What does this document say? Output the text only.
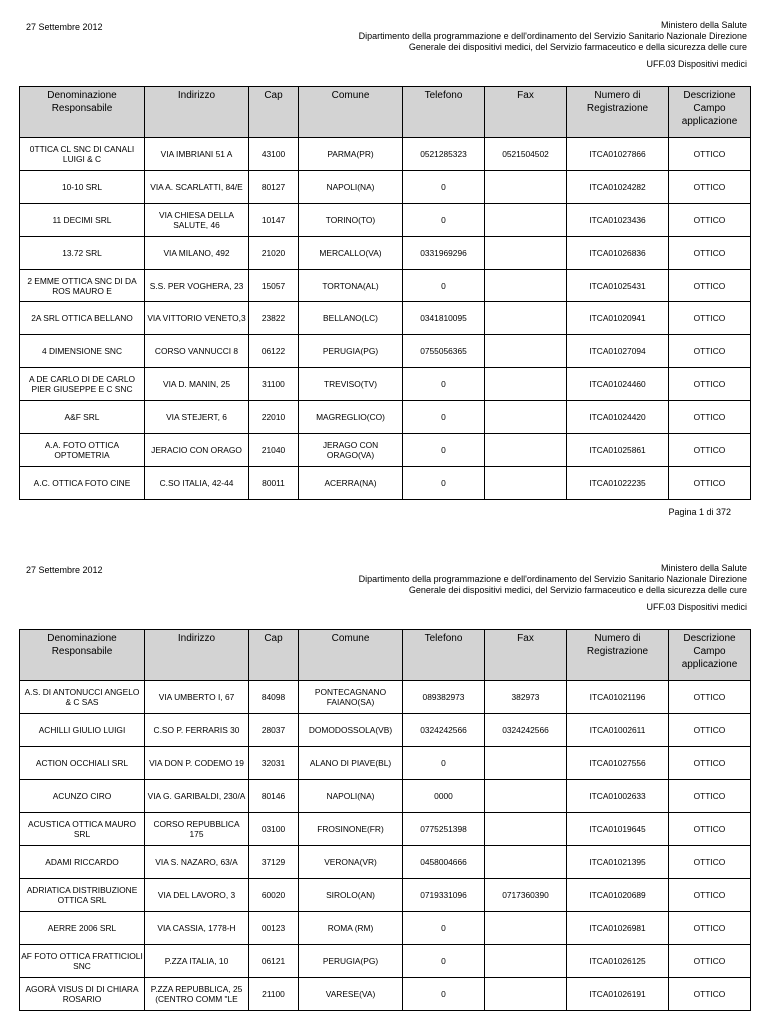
27 Settembre 2012	Ministero della Salute
Dipartimento della programmazione e dell'ordinamento del Servizio Sanitario Nazionale Direzione
Generale dei dispositivi medici, del Servizio farmaceutico e della sicurezza delle cure
UFF.03 Dispositivi medici
Denominazione Responsabile	Indirizzo	Cap	Comune	Telefono	Fax	Numero di Registrazione	Descrizione Campo applicazione
0TTICA CL SNC DI CANALI LUIGI & C	VIA IMBRIANI 51 A	43100	PARMA(PR)	0521285323	0521504502	ITCA01027866	OTTICO
10-10 SRL	VIA A. SCARLATTI, 84/E	80127	NAPOLI(NA)	0		ITCA01024282	OTTICO
11 DECIMI SRL	VIA CHIESA DELLA SALUTE, 46	10147	TORINO(TO)	0		ITCA01023436	OTTICO
13.72 SRL	VIA MILANO, 492	21020	MERCALLO(VA)	0331969296		ITCA01026836	OTTICO
2 EMME OTTICA SNC DI DA ROS MAURO E	S.S. PER VOGHERA, 23	15057	TORTONA(AL)	0		ITCA01025431	OTTICO
2A SRL OTTICA BELLANO	VIA VITTORIO VENETO,3	23822	BELLANO(LC)	0341810095		ITCA01020941	OTTICO
4 DIMENSIONE SNC	CORSO VANNUCCI 8	06122	PERUGIA(PG)	0755056365		ITCA01027094	OTTICO
A DE CARLO DI DE CARLO PIER GIUSEPPE E C SNC	VIA D. MANIN, 25	31100	TREVISO(TV)	0		ITCA01024460	OTTICO
A&F SRL	VIA STEJERT, 6	22010	MAGREGLIO(CO)	0		ITCA01024420	OTTICO
A.A. FOTO OTTICA OPTOMETRIA	JERACIO CON ORAGO	21040	JERAGO CON ORAGO(VA)	0		ITCA01025861	OTTICO
A.C. OTTICA FOTO CINE	C.SO ITALIA, 42-44	80011	ACERRA(NA)	0		ITCA01022235	OTTICO
Pagina 1 di 372
27 Settembre 2012	Ministero della Salute
Dipartimento della programmazione e dell'ordinamento del Servizio Sanitario Nazionale Direzione
Generale dei dispositivi medici, del Servizio farmaceutico e della sicurezza delle cure
UFF.03 Dispositivi medici
Denominazione Responsabile	Indirizzo	Cap	Comune	Telefono	Fax	Numero di Registrazione	Descrizione Campo applicazione
A.S. DI ANTONUCCI ANGELO & C SAS	VIA UMBERTO I, 67	84098	PONTECAGNANO FAIANO(SA)	089382973	382973	ITCA01021196	OTTICO
ACHILLI GIULIO LUIGI	C.SO P. FERRARIS 30	28037	DOMODOSSOLA(VB)	0324242566	0324242566	ITCA01002611	OTTICO
ACTION OCCHIALI SRL	VIA DON P. CODEMO 19	32031	ALANO DI PIAVE(BL)	0		ITCA01027556	OTTICO
ACUNZO CIRO	VIA G. GARIBALDI, 230/A	80146	NAPOLI(NA)	0000		ITCA01002633	OTTICO
ACUSTICA OTTICA MAURO SRL	CORSO REPUBBLICA 175	03100	FROSINONE(FR)	0775251398		ITCA01019645	OTTICO
ADAMI RICCARDO	VIA S. NAZARO, 63/A	37129	VERONA(VR)	0458004666		ITCA01021395	OTTICO
ADRIATICA DISTRIBUZIONE OTTICA SRL	VIA DEL LAVORO, 3	60020	SIROLO(AN)	0719331096	0717360390	ITCA01020689	OTTICO
AERRE 2006 SRL	VIA CASSIA, 1778-H	00123	ROMA (RM)	0		ITCA01026981	OTTICO
AF FOTO OTTICA FRATTICIOLI SNC	P.ZZA ITALIA, 10	06121	PERUGIA(PG)	0		ITCA01026125	OTTICO
AGORÀ VISUS DI DI CHIARA ROSARIO	P.ZZA REPUBBLICA, 25 (CENTRO COMM "LE	21100	VARESE(VA)	0		ITCA01026191	OTTICO
